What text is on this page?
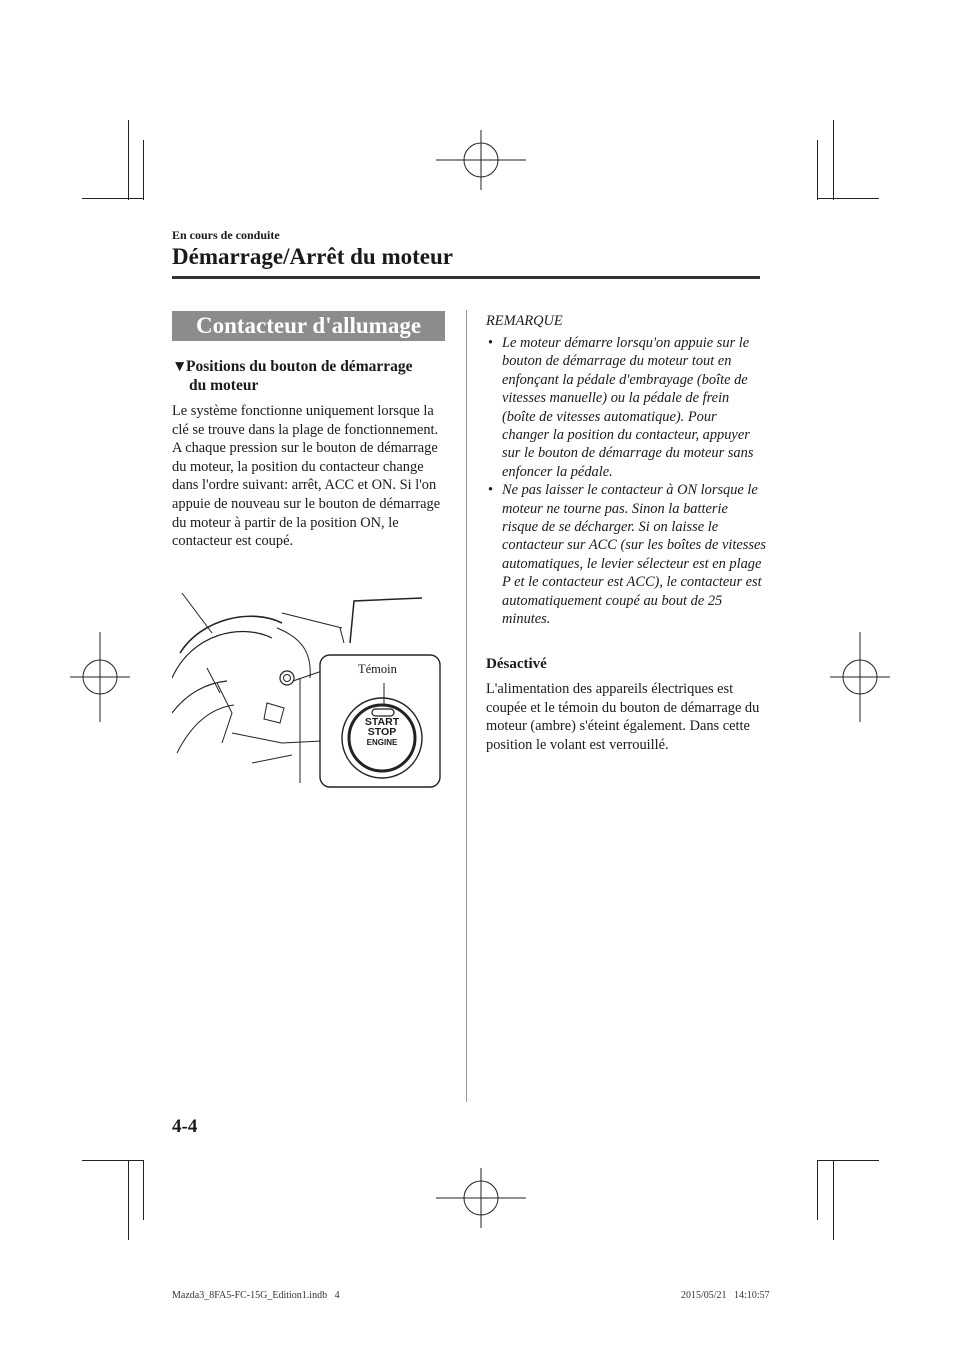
En cours de conduite
Démarrage/Arrêt du moteur
Contacteur d'allumage
▼Positions du bouton de démarrage
du moteur
Le système fonctionne uniquement lorsque la clé se trouve dans la plage de fonctionnement. A chaque pression sur le bouton de démarrage du moteur, la position du contacteur change dans l'ordre suivant: arrêt, ACC et ON. Si l'on appuie de nouveau sur le bouton de démarrage du moteur à partir de la position ON, le contacteur est coupé.
Témoin
START
STOP
ENGINE
REMARQUE
• Le moteur démarre lorsqu'on appuie sur le bouton de démarrage du moteur tout en enfonçant la pédale d'embrayage (boîte de vitesses manuelle) ou la pédale de frein (boîte de vitesses automatique). Pour changer la position du contacteur, appuyer sur le bouton de démarrage du moteur sans enfoncer la pédale.
• Ne pas laisser le contacteur à ON lorsque le moteur ne tourne pas. Sinon la batterie risque de se décharger. Si on laisse le contacteur sur ACC (sur les boîtes de vitesses automatiques, le levier sélecteur est en plage P et le contacteur est ACC), le contacteur est automatiquement coupé au bout de 25 minutes.
Désactivé
L'alimentation des appareils électriques est coupée et le témoin du bouton de démarrage du moteur (ambre) s'éteint également. Dans cette position le volant est verrouillé.
4-4
Mazda3_8FA5-FC-15G_Edition1.indb   4	2015/05/21   14:10:57
